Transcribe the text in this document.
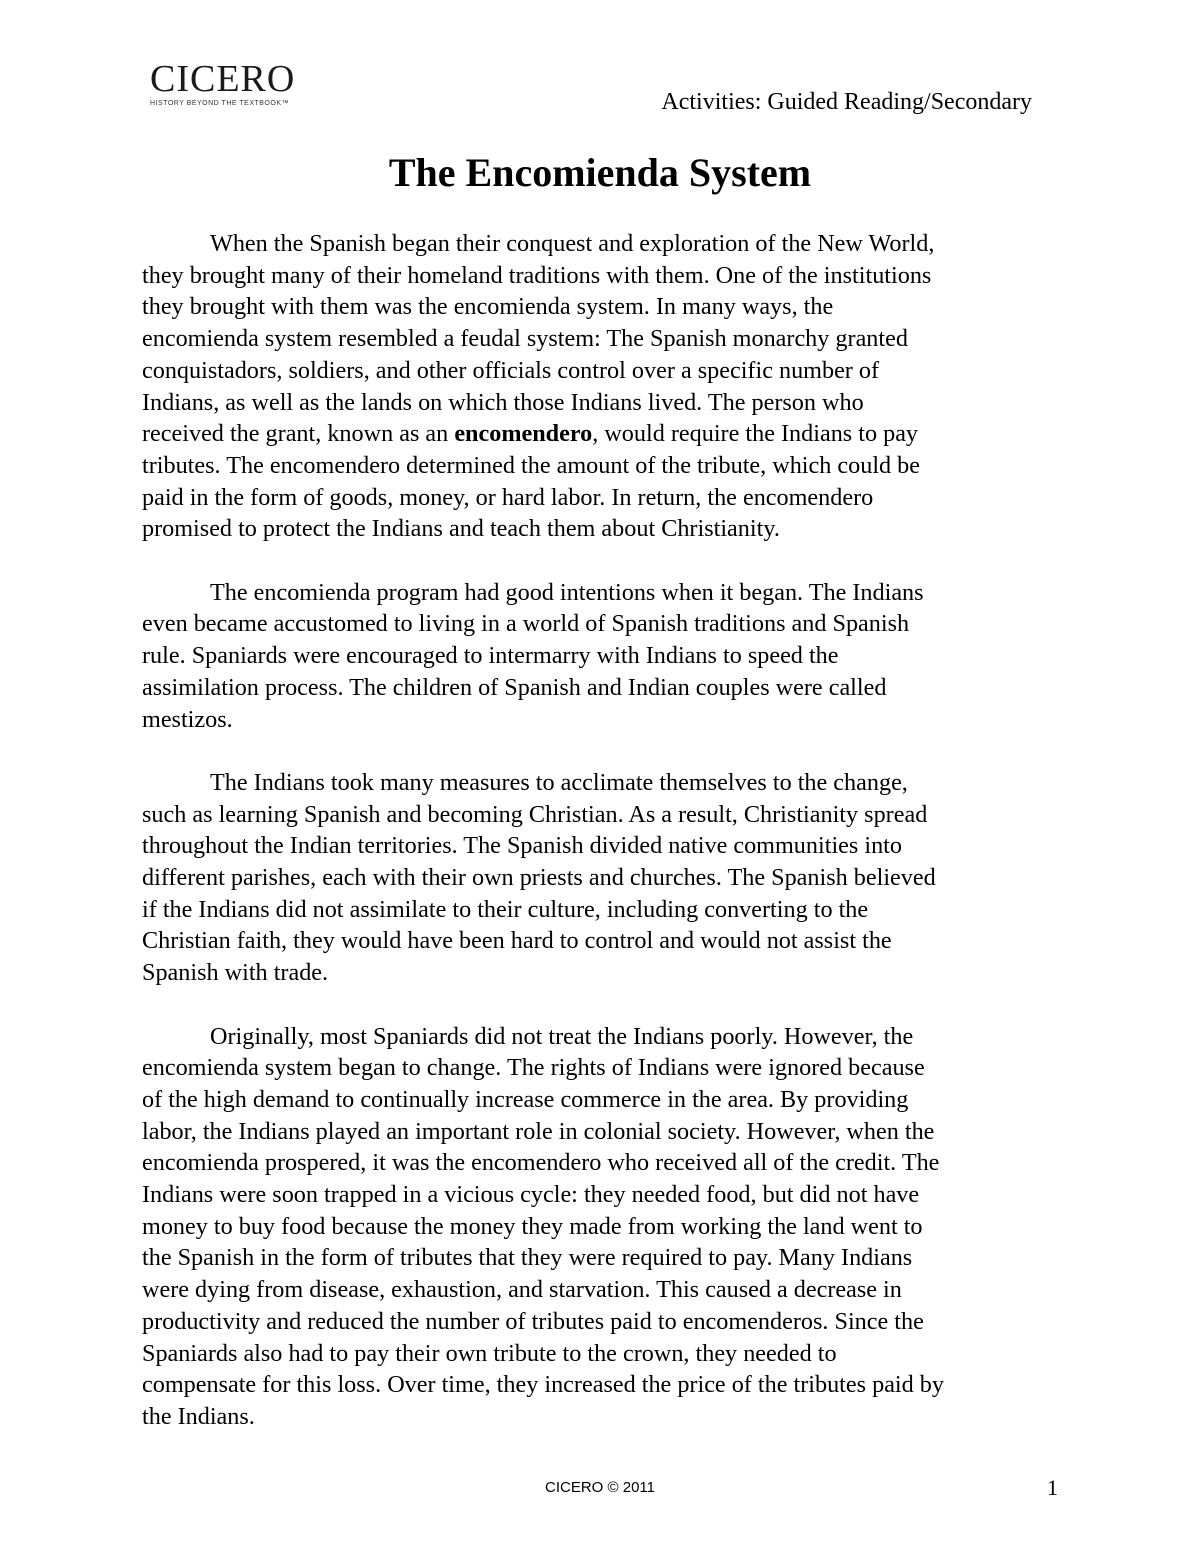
CICERO
HISTORY BEYOND THE TEXTBOOK™	Activities: Guided Reading/Secondary
The Encomienda System
When the Spanish began their conquest and exploration of the New World,
they brought many of their homeland traditions with them. One of the institutions
they brought with them was the encomienda system. In many ways, the
encomienda system resembled a feudal system: The Spanish monarchy granted
conquistadors, soldiers, and other officials control over a specific number of
Indians, as well as the lands on which those Indians lived. The person who
received the grant, known as an encomendero, would require the Indians to pay
tributes. The encomendero determined the amount of the tribute, which could be
paid in the form of goods, money, or hard labor. In return, the encomendero
promised to protect the Indians and teach them about Christianity.
The encomienda program had good intentions when it began. The Indians
even became accustomed to living in a world of Spanish traditions and Spanish
rule. Spaniards were encouraged to intermarry with Indians to speed the
assimilation process. The children of Spanish and Indian couples were called
mestizos.
The Indians took many measures to acclimate themselves to the change,
such as learning Spanish and becoming Christian. As a result, Christianity spread
throughout the Indian territories. The Spanish divided native communities into
different parishes, each with their own priests and churches. The Spanish believed
if the Indians did not assimilate to their culture, including converting to the
Christian faith, they would have been hard to control and would not assist the
Spanish with trade.
Originally, most Spaniards did not treat the Indians poorly. However, the
encomienda system began to change. The rights of Indians were ignored because
of the high demand to continually increase commerce in the area. By providing
labor, the Indians played an important role in colonial society. However, when the
encomienda prospered, it was the encomendero who received all of the credit. The
Indians were soon trapped in a vicious cycle: they needed food, but did not have
money to buy food because the money they made from working the land went to
the Spanish in the form of tributes that they were required to pay. Many Indians
were dying from disease, exhaustion, and starvation. This caused a decrease in
productivity and reduced the number of tributes paid to encomenderos. Since the
Spaniards also had to pay their own tribute to the crown, they needed to
compensate for this loss. Over time, they increased the price of the tributes paid by
the Indians.
CICERO © 2011	1
